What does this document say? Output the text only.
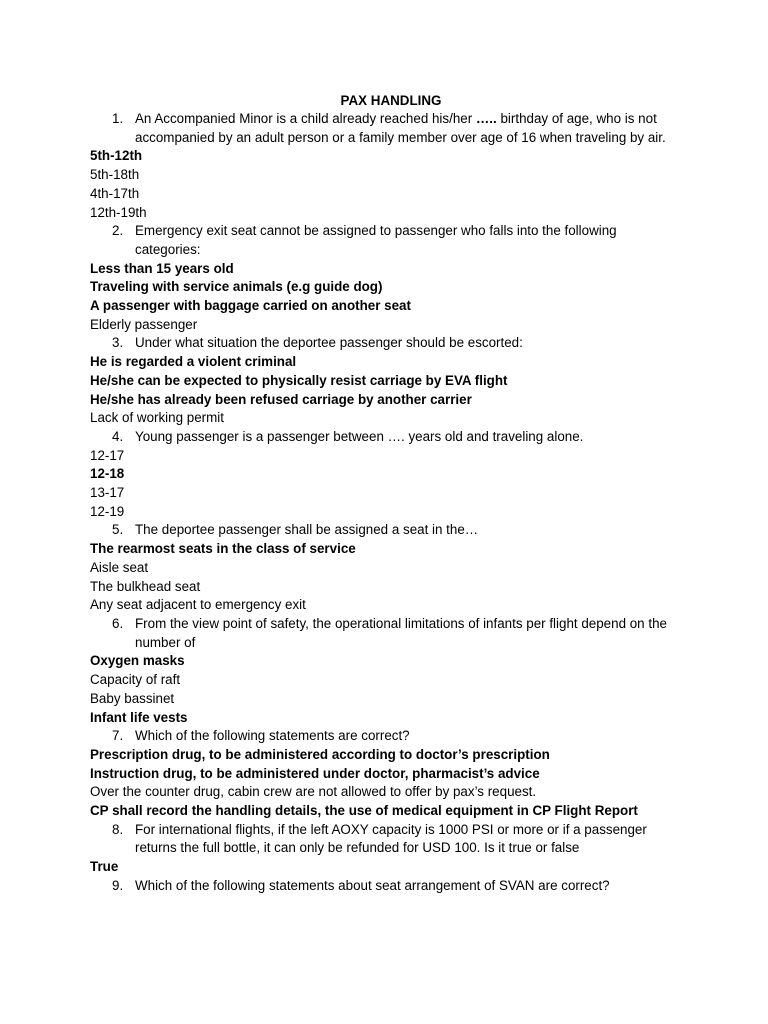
PAX HANDLING
1. An Accompanied Minor is a child already reached his/her ….. birthday of age, who is not accompanied by an adult person or a family member over age of 16 when traveling by air.
5th-12th
5th-18th
4th-17th
12th-19th
2. Emergency exit seat cannot be assigned to passenger who falls into the following categories:
Less than 15 years old
Traveling with service animals (e.g guide dog)
A passenger with baggage carried on another seat
Elderly passenger
3. Under what situation the deportee passenger should be escorted:
He is regarded a violent criminal
He/she can be expected to physically resist carriage by EVA flight
He/she has already been refused carriage by another carrier
Lack of working permit
4. Young passenger is a passenger between …. years old and traveling alone.
12-17
12-18
13-17
12-19
5. The deportee passenger shall be assigned a seat in the…
The rearmost seats in the class of service
Aisle seat
The bulkhead seat
Any seat adjacent to emergency exit
6. From the view point of safety, the operational limitations of infants per flight depend on the number of
Oxygen masks
Capacity of raft
Baby bassinet
Infant life vests
7. Which of the following statements are correct?
Prescription drug, to be administered according to doctor’s prescription
Instruction drug, to be administered under doctor, pharmacist’s advice
Over the counter drug, cabin crew are not allowed to offer by pax’s request.
CP shall record the handling details, the use of medical equipment in CP Flight Report
8. For international flights, if the left AOXY capacity is 1000 PSI or more or if a passenger returns the full bottle, it can only be refunded for USD 100. Is it true or false
True
9. Which of the following statements about seat arrangement of SVAN are correct?
